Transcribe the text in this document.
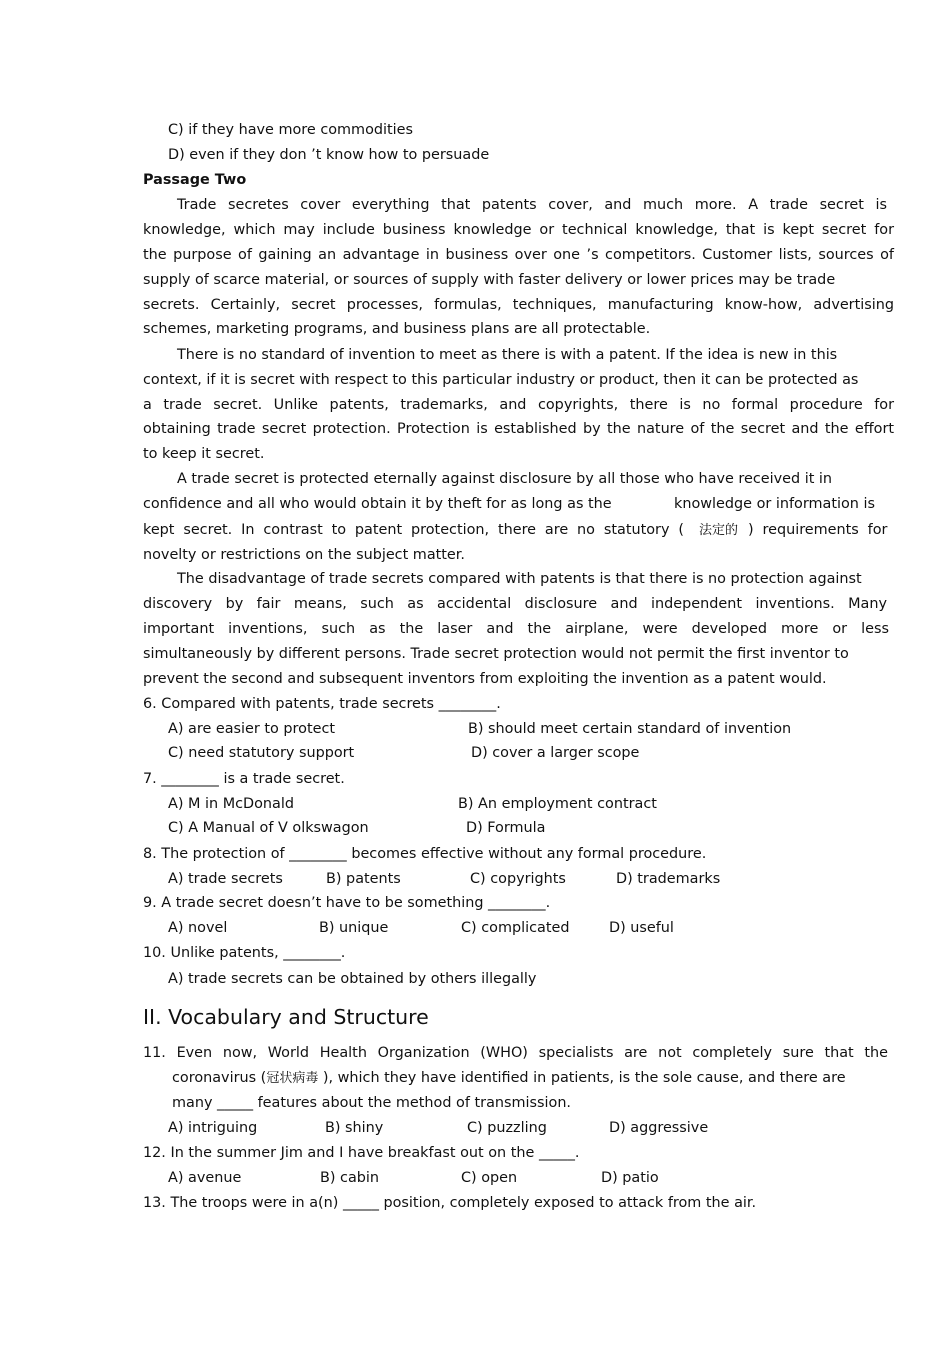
C) if they have more commodities
D) even if they don ’t know how to persuade
Passage Two
Trade secretes cover everything that patents cover, and much more. A trade secret is
knowledge, which may include business knowledge or technical knowledge, that is kept secret for
the purpose of gaining an advantage in business over one ’s competitors. Customer lists, sources of
supply of scarce material, or sources of supply with faster delivery or lower prices may be trade
secrets. Certainly, secret processes, formulas, techniques, manufacturing know-how, advertising
schemes, marketing programs, and business plans are all protectable.
There is no standard of invention to meet as there is with a patent. If the idea is new in this
context, if it is secret with respect to this particular industry or product, then it can be protected as
a trade secret. Unlike patents, trademarks, and copyrights, there is no formal procedure for
obtaining trade secret protection. Protection is established by the nature of the secret and the effort
to keep it secret.
A trade secret is protected eternally against disclosure by all those who have received it in
confidence and all who would obtain it by theft for as long as the	knowledge or information is
kept secret. In contrast to patent protection, there are no statutory ( 法定的 ) requirements for
novelty or restrictions on the subject matter.
The disadvantage of trade secrets compared with patents is that there is no protection against
discovery by fair means, such as accidental disclosure and independent inventions. Many
important inventions, such as the laser and the airplane, were developed more or less
simultaneously by different persons. Trade secret protection would not permit the first inventor to
prevent the second and subsequent inventors from exploiting the invention as a patent would.
6. Compared with patents, trade secrets ________.
A) are easier to protect	B) should meet certain standard of invention
C) need statutory support	D) cover a larger scope
7. ________ is a trade secret.
A) M in McDonald	B) An employment contract
C) A Manual of V olkswagon	D) Formula
8. The protection of ________ becomes effective without any formal procedure.
A) trade secrets	B) patents	C) copyrights	D) trademarks
9. A trade secret doesn’t have to be something ________.
A) novel	B) unique	C) complicated	D) useful
10. Unlike patents, ________.
A) trade secrets can be obtained by others illegally
II. Vocabulary and Structure
11. Even now, World Health Organization (WHO) specialists are not completely sure that the
coronavirus (冠状病毒 ), which they have identified in patients, is the sole cause, and there are
many _____ features about the method of transmission.
A) intriguing	B) shiny	C) puzzling	D) aggressive
12. In the summer Jim and I have breakfast out on the _____.
A) avenue	B) cabin	C) open	D) patio
13. The troops were in a(n) _____ position, completely exposed to attack from the air.
